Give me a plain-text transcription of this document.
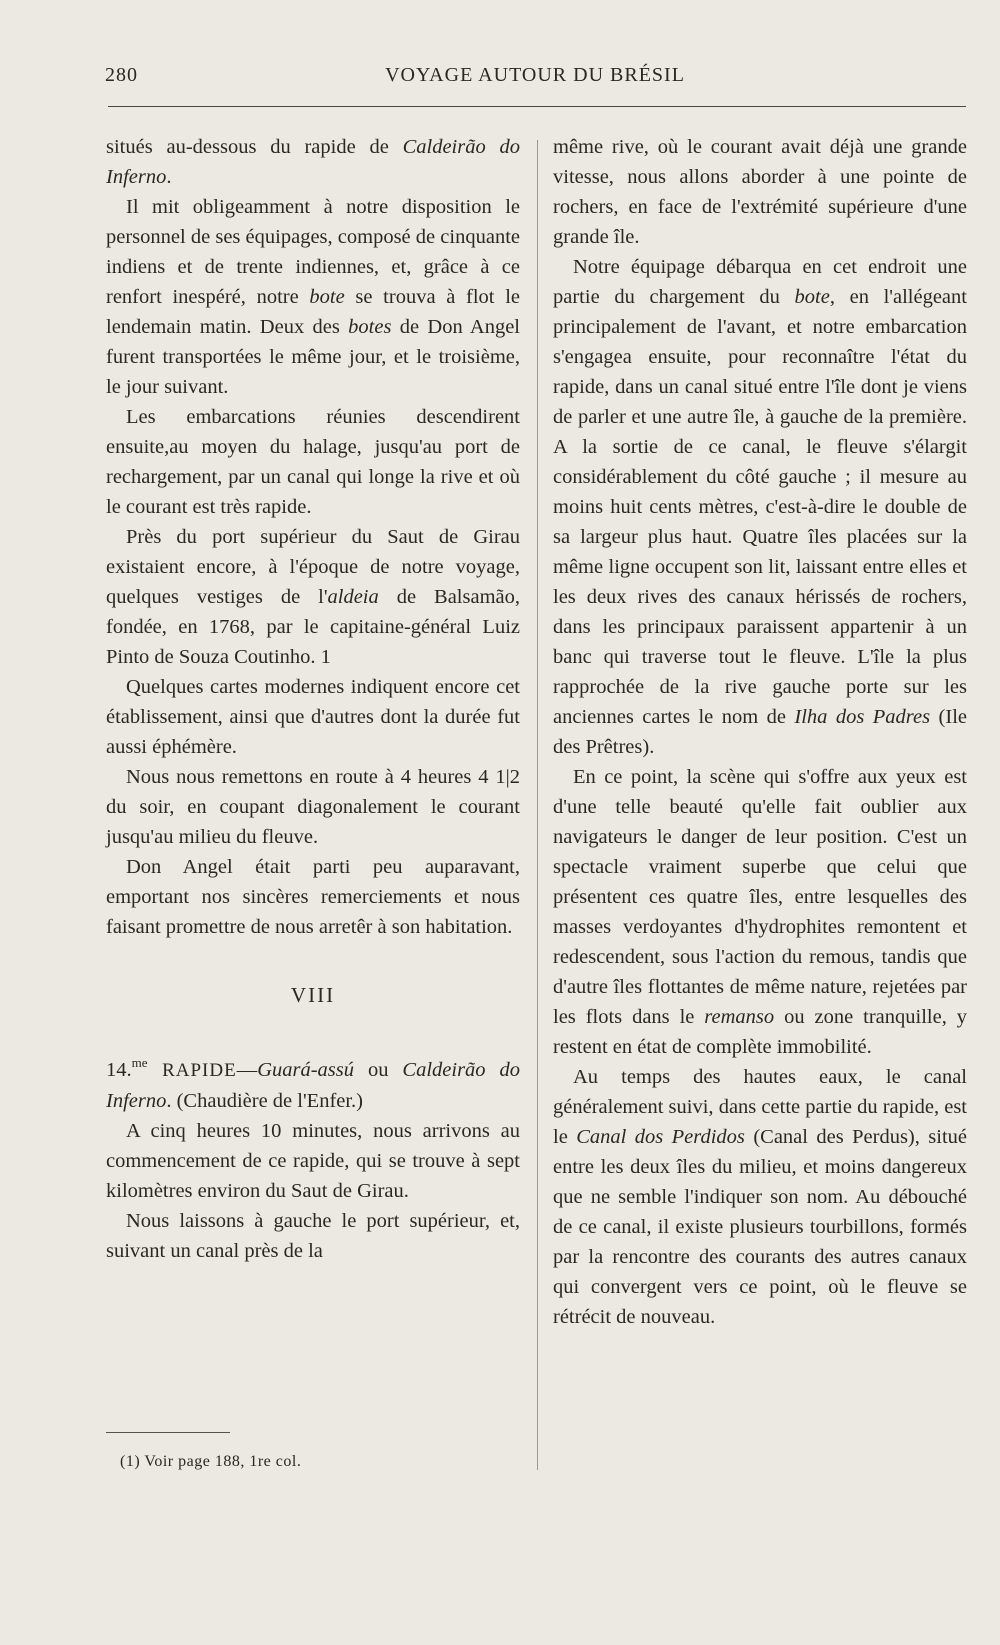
280	VOYAGE AUTOUR DU BRÉSIL

situés au-dessous du rapide de Caldeirão do Inferno.

Il mit obligeamment à notre disposition le personnel de ses équipages, composé de cinquante indiens et de trente indiennes, et, grâce à ce renfort inespéré, notre bote se trouva à flot le lendemain matin. Deux des botes de Don Angel furent transportées le même jour, et le troisième, le jour suivant.

Les embarcations réunies descendirent ensuite,au moyen du halage, jusqu'au port de rechargement, par un canal qui longe la rive et où le courant est très rapide.

Près du port supérieur du Saut de Girau existaient encore, à l'époque de notre voyage, quelques vestiges de l'aldeia de Balsamão, fondée, en 1768, par le capitaine-général Luiz Pinto de Souza Coutinho. 1

Quelques cartes modernes indiquent encore cet établissement, ainsi que d'autres dont la durée fut aussi éphémère.

Nous nous remettons en route à 4 heures 4 1|2 du soir, en coupant diagonalement le courant jusqu'au milieu du fleuve.

Don Angel était parti peu auparavant, emportant nos sincères remerciements et nous faisant promettre de nous arretêr à son habitation.

VIII

14.$^{me}$ RAPIDE—Guará-assú ou Caldeirão do Inferno. (Chaudière de l'Enfer.)

A cinq heures 10 minutes, nous arrivons au commencement de ce rapide, qui se trouve à sept kilomètres environ du Saut de Girau.

Nous laissons à gauche le port supérieur, et, suivant un canal près de la

même rive, où le courant avait déjà une grande vitesse, nous allons aborder à une pointe de rochers, en face de l'extrémité supérieure d'une grande île.

Notre équipage débarqua en cet endroit une partie du chargement du bote, en l'allégeant principalement de l'avant, et notre embarcation s'engagea ensuite, pour reconnaître l'état du rapide, dans un canal situé entre l'île dont je viens de parler et une autre île, à gauche de la première. A la sortie de ce canal, le fleuve s'élargit considérablement du côté gauche ; il mesure au moins huit cents mètres, c'est-à-dire le double de sa largeur plus haut. Quatre îles placées sur la même ligne occupent son lit, laissant entre elles et les deux rives des canaux hérissés de rochers, dans les principaux paraissent appartenir à un banc qui traverse tout le fleuve. L'île la plus rapprochée de la rive gauche porte sur les anciennes cartes le nom de Ilha dos Padres (Ile des Prêtres).

En ce point, la scène qui s'offre aux yeux est d'une telle beauté qu'elle fait oublier aux navigateurs le danger de leur position. C'est un spectacle vraiment superbe que celui que présentent ces quatre îles, entre lesquelles des masses verdoyantes d'hydrophites remontent et redescendent, sous l'action du remous, tandis que d'autre îles flottantes de même nature, rejetées par les flots dans le remanso ou zone tranquille, y restent en état de complète immobilité.

Au temps des hautes eaux, le canal généralement suivi, dans cette partie du rapide, est le Canal dos Perdidos (Canal des Perdus), situé entre les deux îles du milieu, et moins dangereux que ne semble l'indiquer son nom. Au débouché de ce canal, il existe plusieurs tourbillons, formés par la rencontre des courants des autres canaux qui convergent vers ce point, où le fleuve se rétrécit de nouveau.

(1) Voir page 188, 1re col.
